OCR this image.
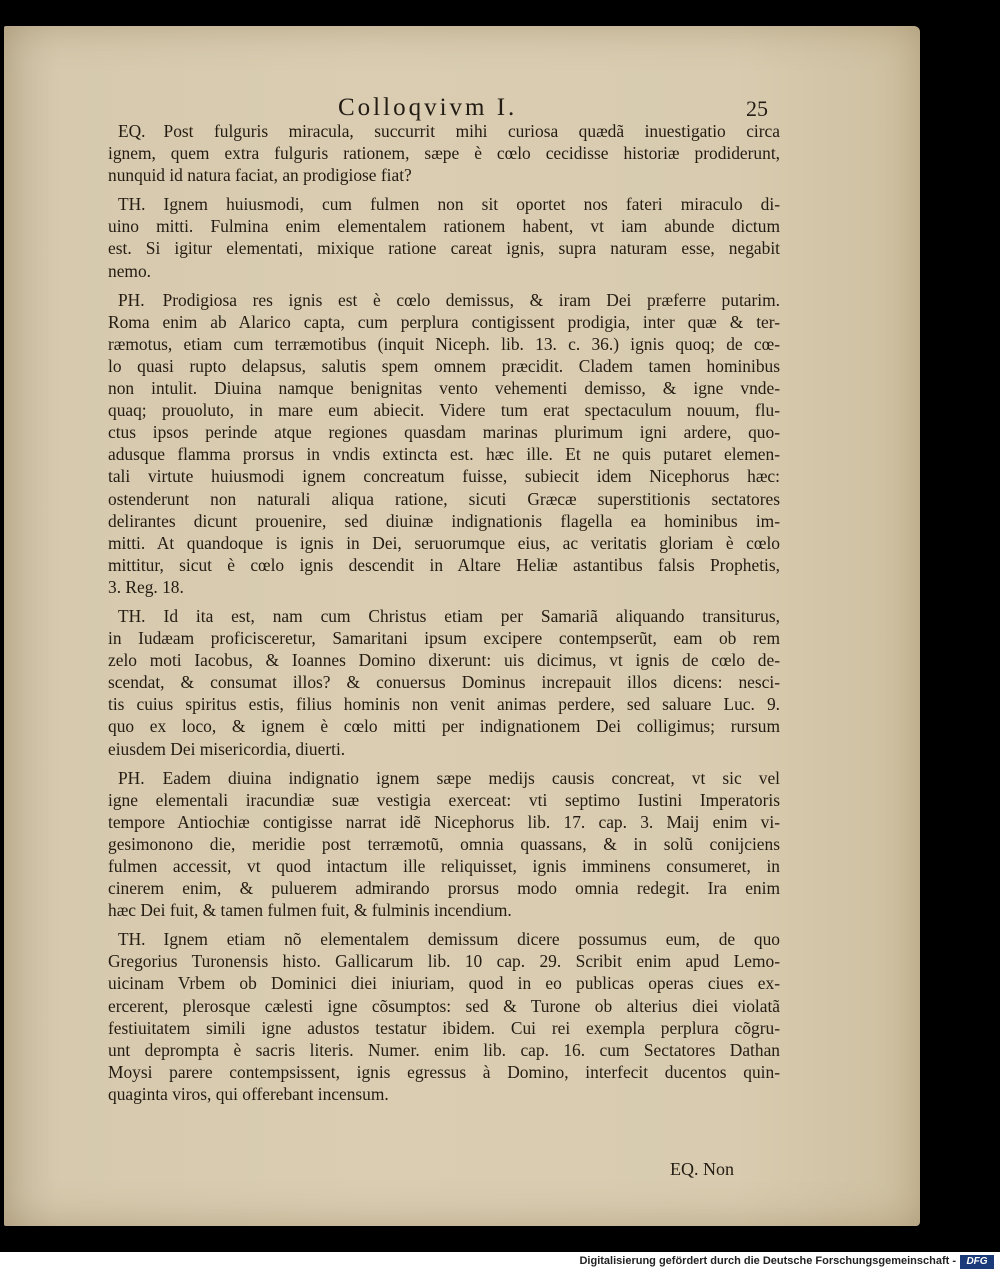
Colloqvivm I.	25
EQ. Non
EQ. Post fulguris miracula, succurrit mihi curiosa quædã inuestigatio circa
ignem, quem extra fulguris rationem, sæpe è cœlo cecidisse historiæ prodiderunt,
nunquid id natura faciat, an prodigiose fiat?
TH. Ignem huiusmodi, cum fulmen non sit oportet nos fateri miraculo di-
uino mitti. Fulmina enim elementalem rationem habent, vt iam abunde dictum
est. Si igitur elementati, mixique ratione careat ignis, supra naturam esse, negabit
nemo.
PH. Prodigiosa res ignis est è cœlo demissus, & iram Dei præferre putarim.
Roma enim ab Alarico capta, cum perplura contigissent prodigia, inter quæ & ter-
ræmotus, etiam cum terræmotibus (inquit Niceph. lib. 13. c. 36.) ignis quoq; de cœ-
lo quasi rupto delapsus, salutis spem omnem præcidit. Cladem tamen hominibus
non intulit. Diuina namque benignitas vento vehementi demisso, & igne vnde-
quaq; prouoluto, in mare eum abiecit. Videre tum erat spectaculum nouum, flu-
ctus ipsos perinde atque regiones quasdam marinas plurimum igni ardere, quo-
adusque flamma prorsus in vndis extincta est. hæc ille. Et ne quis putaret elemen-
tali virtute huiusmodi ignem concreatum fuisse, subiecit idem Nicephorus hæc:
ostenderunt non naturali aliqua ratione, sicuti Græcæ superstitionis sectatores
delirantes dicunt prouenire, sed diuinæ indignationis flagella ea hominibus im-
mitti. At quandoque is ignis in Dei, seruorumque eius, ac veritatis gloriam è cœlo
mittitur, sicut è cœlo ignis descendit in Altare Heliæ astantibus falsis Prophetis,
3. Reg. 18.
TH. Id ita est, nam cum Christus etiam per Samariã aliquando transiturus,
in Iudæam proficisceretur, Samaritani ipsum excipere contempserũt, eam ob rem
zelo moti Iacobus, & Ioannes Domino dixerunt: uis dicimus, vt ignis de cœlo de-
scendat, & consumat illos? & conuersus Dominus increpauit illos dicens: nesci-
tis cuius spiritus estis, filius hominis non venit animas perdere, sed saluare Luc. 9.
quo ex loco, & ignem è cœlo mitti per indignationem Dei colligimus; rursum
eiusdem Dei misericordia, diuerti.
PH. Eadem diuina indignatio ignem sæpe medijs causis concreat, vt sic vel
igne elementali iracundiæ suæ vestigia exerceat: vti septimo Iustini Imperatoris
tempore Antiochiæ contigisse narrat idẽ Nicephorus lib. 17. cap. 3. Maij enim vi-
gesimonono die, meridie post terræmotũ, omnia quassans, & in solũ conijciens
fulmen accessit, vt quod intactum ille reliquisset, ignis imminens consumeret, in
cinerem enim, & puluerem admirando prorsus modo omnia redegit. Ira enim
hæc Dei fuit, & tamen fulmen fuit, & fulminis incendium.
TH. Ignem etiam nõ elementalem demissum dicere possumus eum, de quo
Gregorius Turonensis histo. Gallicarum lib. 10 cap. 29. Scribit enim apud Lemo-
uicinam Vrbem ob Dominici diei iniuriam, quod in eo publicas operas ciues ex-
ercerent, plerosque cælesti igne cõsumptos: sed & Turone ob alterius diei violatã
festiuitatem simili igne adustos testatur ibidem. Cui rei exempla perplura cõgru-
unt deprompta è sacris literis. Numer. enim lib. cap. 16. cum Sectatores Dathan
Moysi parere contempsissent, ignis egressus à Domino, interfecit ducentos quin-
quaginta viros, qui offerebant incensum.
Digitalisierung gefördert durch die Deutsche Forschungsgemeinschaft -	DFG
